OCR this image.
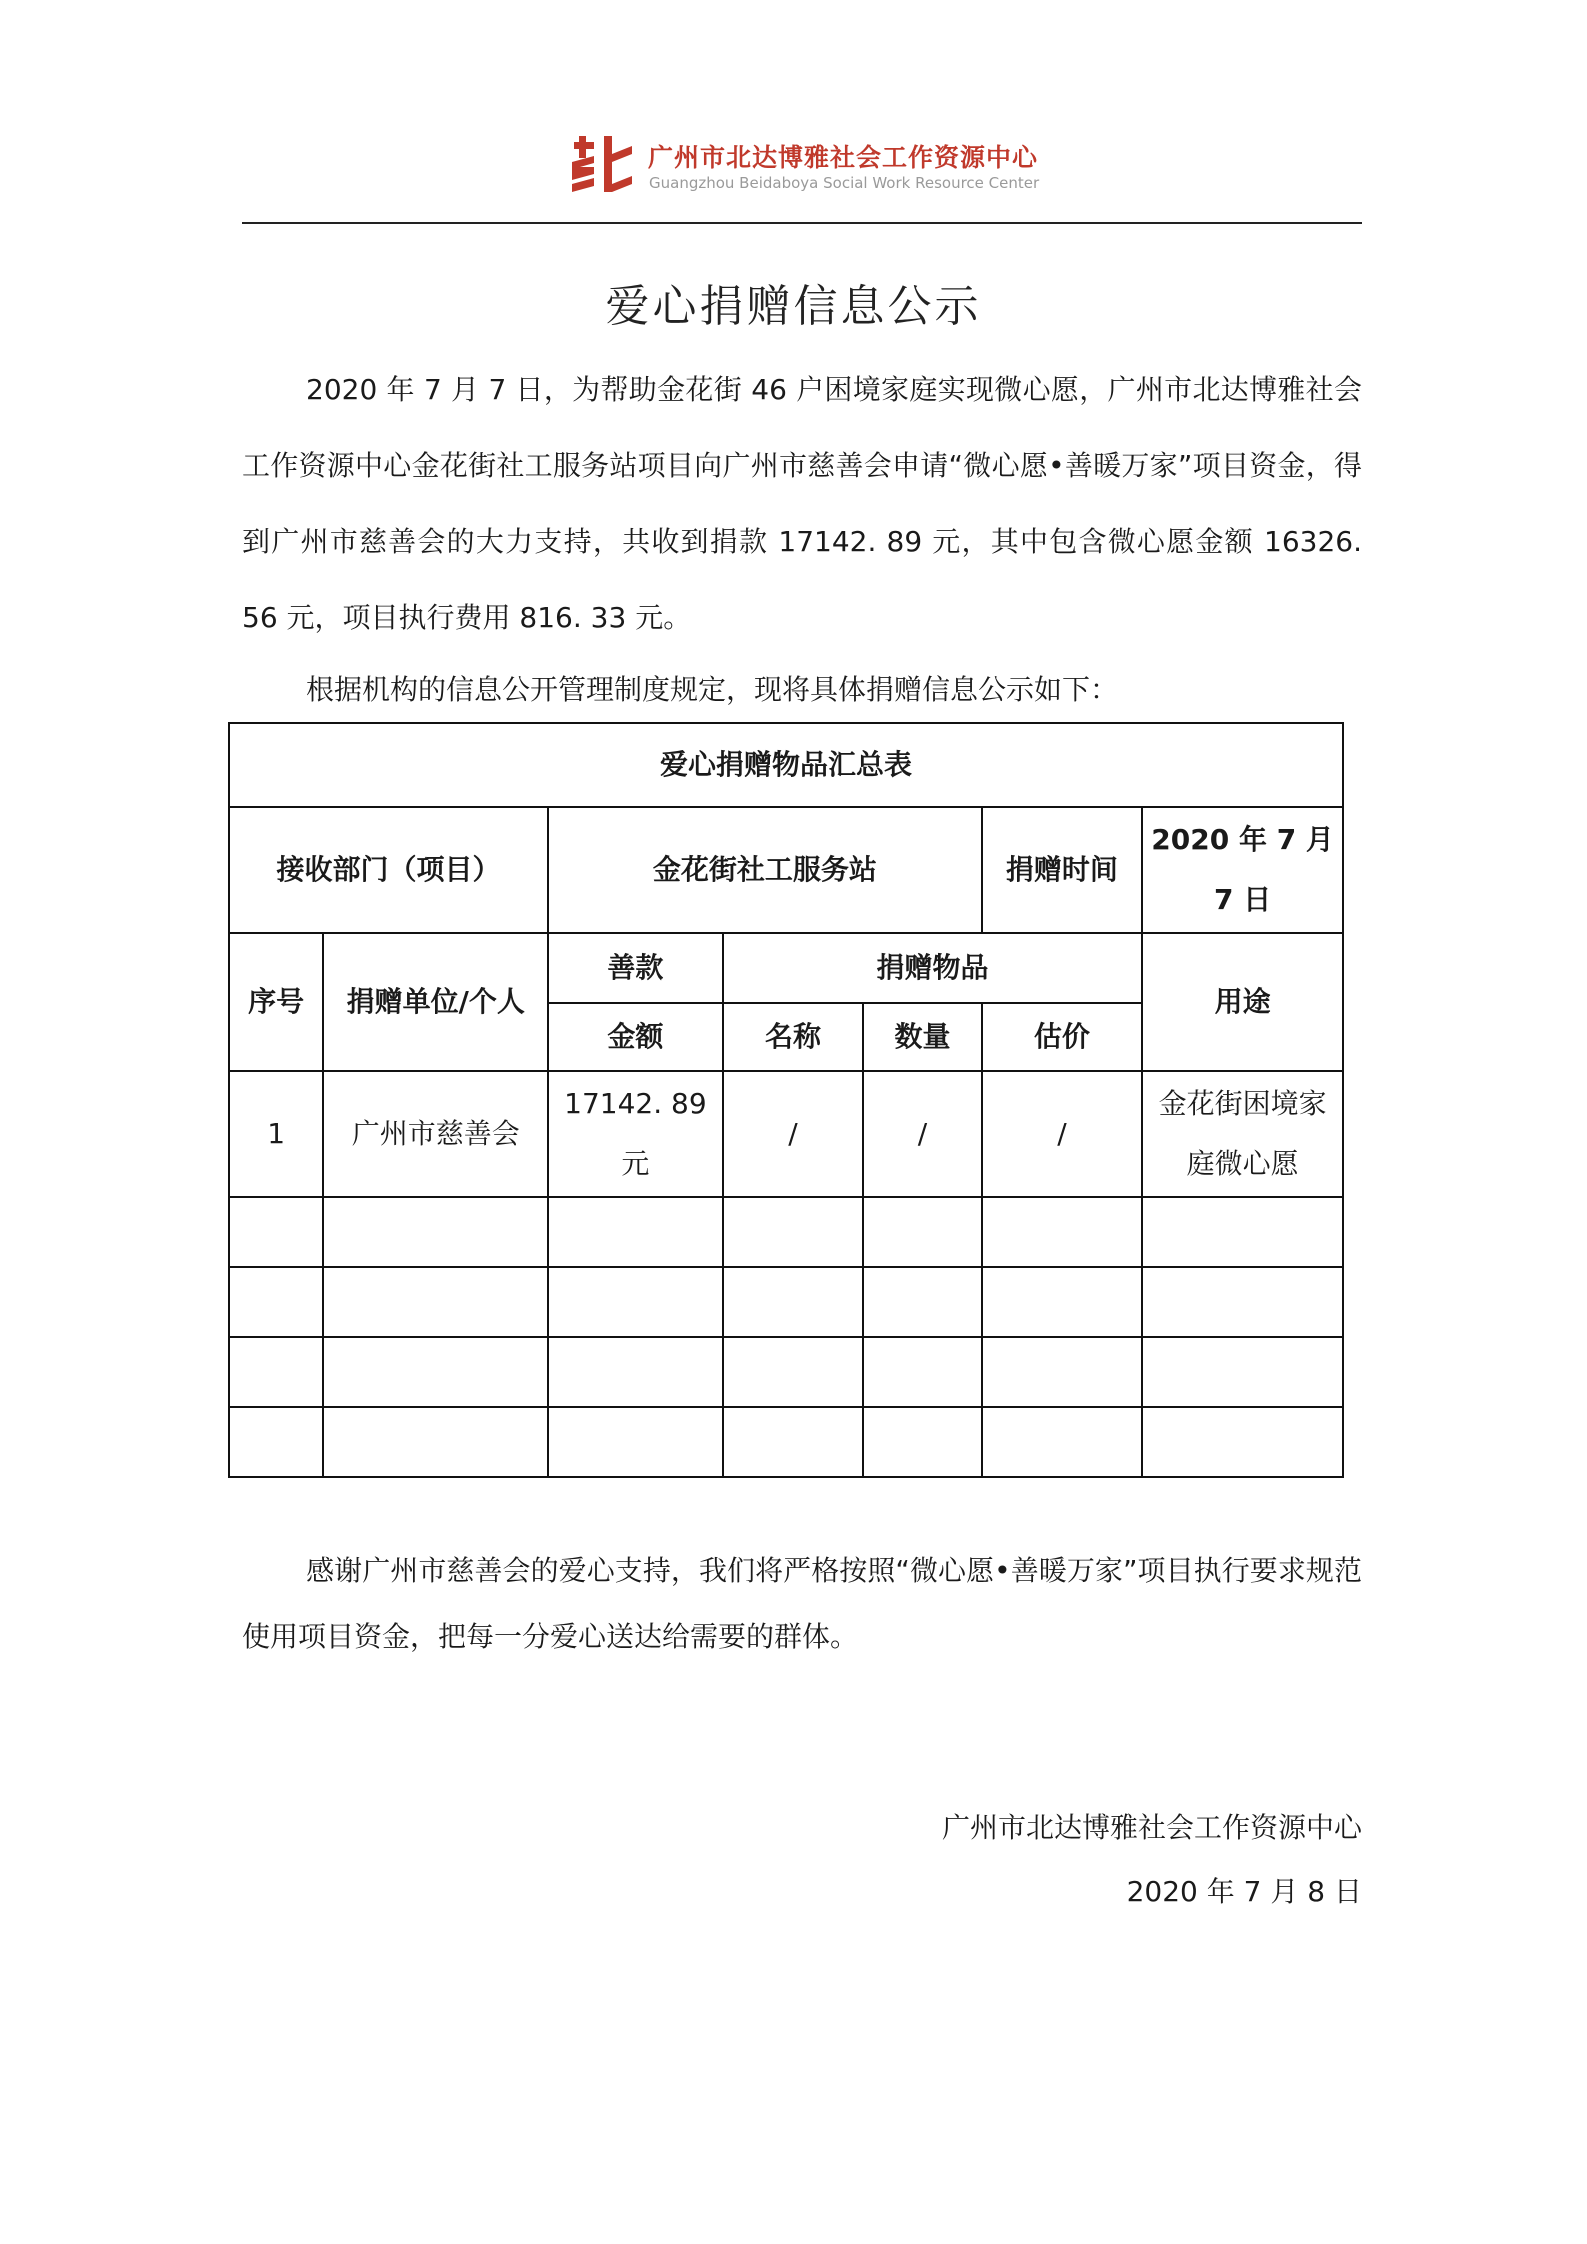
广州市北达博雅社会工作资源中心
Guangzhou Beidaboya Social Work Resource Center
爱心捐赠信息公示
2020 年 7 月 7 日，为帮助金花街 46 户困境家庭实现微心愿，广州市北达博雅社会工作资源中心金花街社工服务站项目向广州市慈善会申请“微心愿•善暖万家”项目资金，得到广州市慈善会的大力支持，共收到捐款 17142. 89 元，其中包含微心愿金额 16326. 56 元，项目执行费用 816. 33 元。
根据机构的信息公开管理制度规定，现将具体捐赠信息公示如下：
爱心捐赠物品汇总表						
接收部门（项目）		金花街社工服务站			捐赠时间	2020 年 7 月 7 日
序号	捐赠单位/个人	善款	捐赠物品			用途
		金额	名称	数量	估价	
1	广州市慈善会	17142. 89 元	/	/	/	金花街困境家庭微心愿

感谢广州市慈善会的爱心支持，我们将严格按照“微心愿•善暖万家”项目执行要求规范使用项目资金，把每一分爱心送达给需要的群体。
广州市北达博雅社会工作资源中心
2020 年 7 月 8 日
